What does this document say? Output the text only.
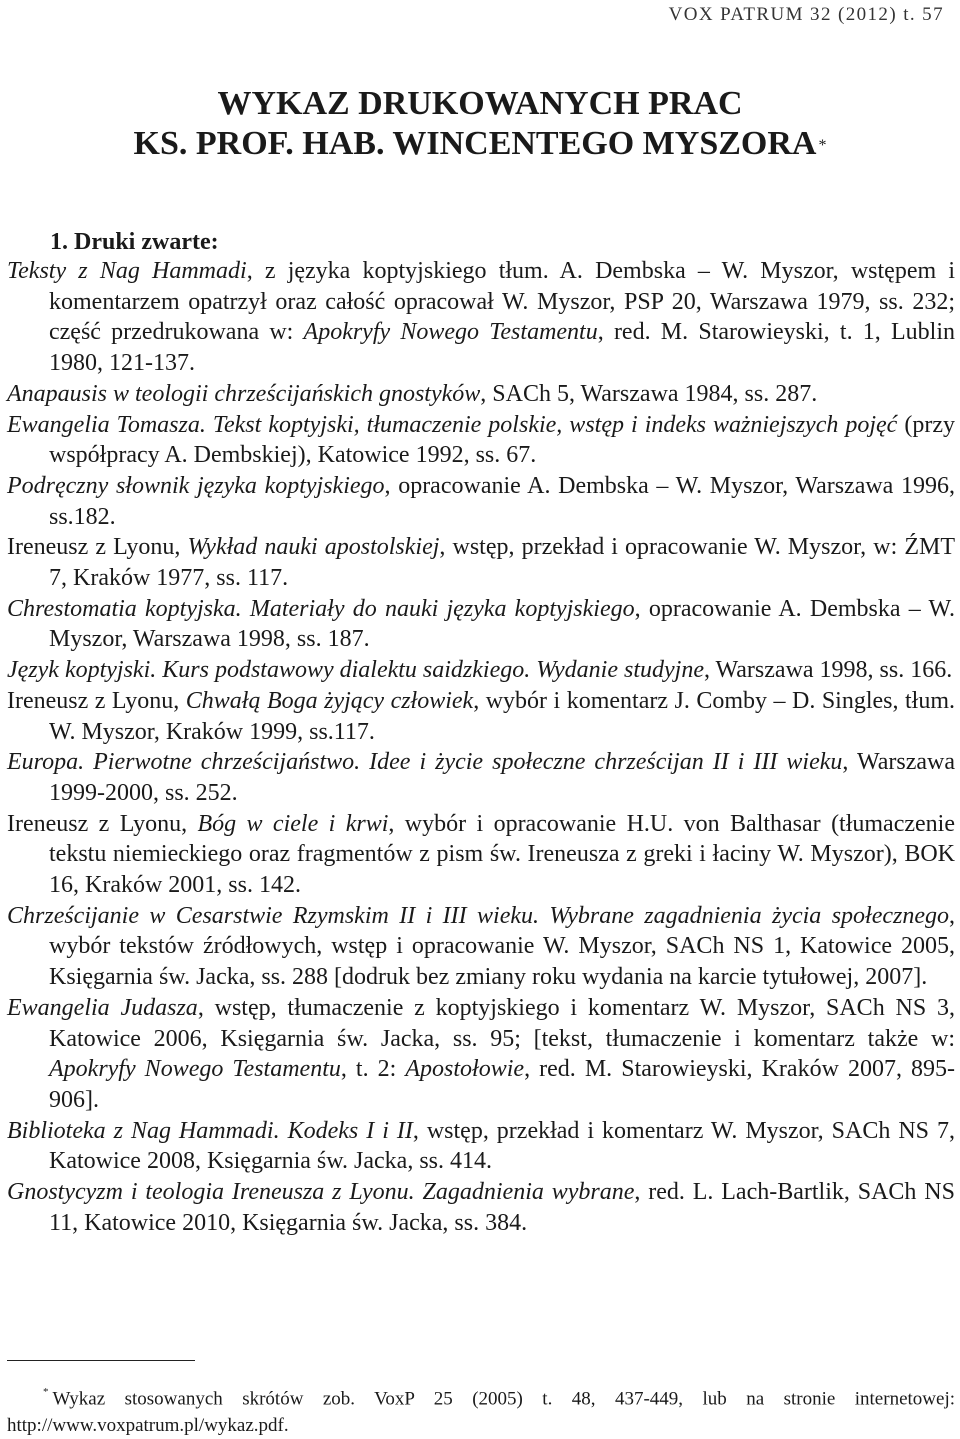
VOX PATRUM 32 (2012) t. 57
WYKAZ DRUKOWANYCH PRAC
KS. PROF. HAB. WINCENTEGO MYSZORA *
1. Druki zwarte:

Teksty z Nag Hammadi, z języka koptyjskiego tłum. A. Dembska – W. Myszor, wstępem i komentarzem opatrzył oraz całość opracował W. Myszor, PSP 20, Warszawa 1979, ss. 232; część przedrukowana w: Apokryfy Nowego Testamentu, red. M. Starowieyski, t. 1, Lublin 1980, 121-137.

Anapausis w teologii chrześcijańskich gnostyków, SACh 5, Warszawa 1984, ss. 287.

Ewangelia Tomasza. Tekst koptyjski, tłumaczenie polskie, wstęp i indeks ważniejszych pojęć (przy współpracy A. Dembskiej), Katowice 1992, ss. 67.

Podręczny słownik języka koptyjskiego, opracowanie A. Dembska – W. Myszor, Warszawa 1996, ss.182.

Ireneusz z Lyonu, Wykład nauki apostolskiej, wstęp, przekład i opracowanie W. Myszor, w: ŹMT 7, Kraków 1977, ss. 117.

Chrestomatia koptyjska. Materiały do nauki języka koptyjskiego, opracowanie A. Dembska – W. Myszor, Warszawa 1998, ss. 187.

Język koptyjski. Kurs podstawowy dialektu saidzkiego. Wydanie studyjne, Warszawa 1998, ss. 166.

Ireneusz z Lyonu, Chwałą Boga żyjący człowiek, wybór i komentarz J. Comby – D. Singles, tłum. W. Myszor, Kraków 1999, ss.117.

Europa. Pierwotne chrześcijaństwo. Idee i życie społeczne chrześcijan II i III wieku, Warszawa 1999-2000, ss. 252.

Ireneusz z Lyonu, Bóg w ciele i krwi, wybór i opracowanie H.U. von Balthasar (tłumaczenie tekstu niemieckiego oraz fragmentów z pism św. Ireneusza z greki i łaciny W. Myszor), BOK 16, Kraków 2001, ss. 142.

Chrześcijanie w Cesarstwie Rzymskim II i III wieku. Wybrane zagadnienia życia społecznego, wybór tekstów źródłowych, wstęp i opracowanie W. Myszor, SACh NS 1, Katowice 2005, Księgarnia św. Jacka, ss. 288 [dodruk bez zmiany roku wydania na karcie tytułowej, 2007].

Ewangelia Judasza, wstęp, tłumaczenie z koptyjskiego i komentarz W. Myszor, SACh NS 3, Katowice 2006, Księgarnia św. Jacka, ss. 95; [tekst, tłumaczenie i komentarz także w: Apokryfy Nowego Testamentu, t. 2: Apostołowie, red. M. Starowieyski, Kraków 2007, 895-906].

Biblioteka z Nag Hammadi. Kodeks I i II, wstęp, przekład i komentarz W. Myszor, SACh NS 7, Katowice 2008, Księgarnia św. Jacka, ss. 414.

Gnostycyzm i teologia Ireneusza z Lyonu. Zagadnienia wybrane, red. L. Lach-Bartlik, SACh NS 11, Katowice 2010, Księgarnia św. Jacka, ss. 384.

* Wykaz stosowanych skrótów zob. VoxP 25 (2005) t. 48, 437-449, lub na stronie internetowej: http://www.voxpatrum.pl/wykaz.pdf.
